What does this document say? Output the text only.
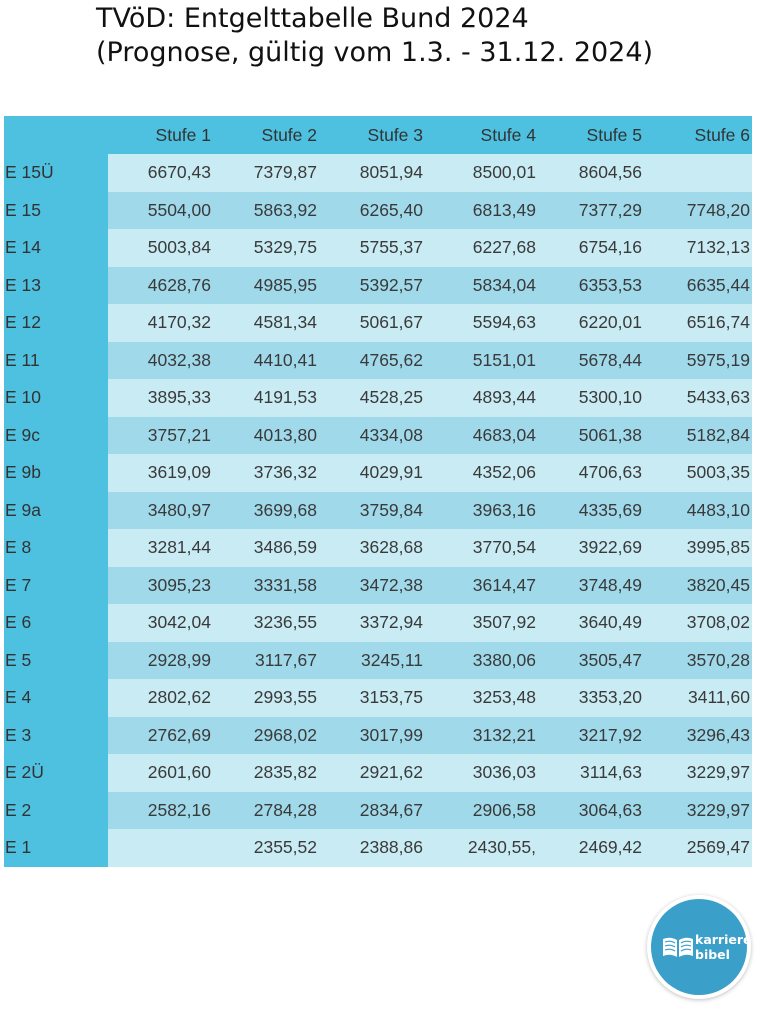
TVöD: Entgelttabelle Bund 2024
(Prognose, gültig vom 1.3. - 31.12. 2024)
	Stufe 1	Stufe 2	Stufe 3	Stufe 4	Stufe 5	Stufe 6
E 15Ü	6670,43	7379,87	8051,94	8500,01	8604,56	
E 15	5504,00	5863,92	6265,40	6813,49	7377,29	7748,20
E 14	5003,84	5329,75	5755,37	6227,68	6754,16	7132,13
E 13	4628,76	4985,95	5392,57	5834,04	6353,53	6635,44
E 12	4170,32	4581,34	5061,67	5594,63	6220,01	6516,74
E 11	4032,38	4410,41	4765,62	5151,01	5678,44	5975,19
E 10	3895,33	4191,53	4528,25	4893,44	5300,10	5433,63
E 9c	3757,21	4013,80	4334,08	4683,04	5061,38	5182,84
E 9b	3619,09	3736,32	4029,91	4352,06	4706,63	5003,35
E 9a	3480,97	3699,68	3759,84	3963,16	4335,69	4483,10
E 8	3281,44	3486,59	3628,68	3770,54	3922,69	3995,85
E 7	3095,23	3331,58	3472,38	3614,47	3748,49	3820,45
E 6	3042,04	3236,55	3372,94	3507,92	3640,49	3708,02
E 5	2928,99	3117,67	3245,11	3380,06	3505,47	3570,28
E 4	2802,62	2993,55	3153,75	3253,48	3353,20	3411,60
E 3	2762,69	2968,02	3017,99	3132,21	3217,92	3296,43
E 2Ü	2601,60	2835,82	2921,62	3036,03	3114,63	3229,97
E 2	2582,16	2784,28	2834,67	2906,58	3064,63	3229,97
E 1		2355,52	2388,86	2430,55,	2469,42	2569,47
karriere
bibel
